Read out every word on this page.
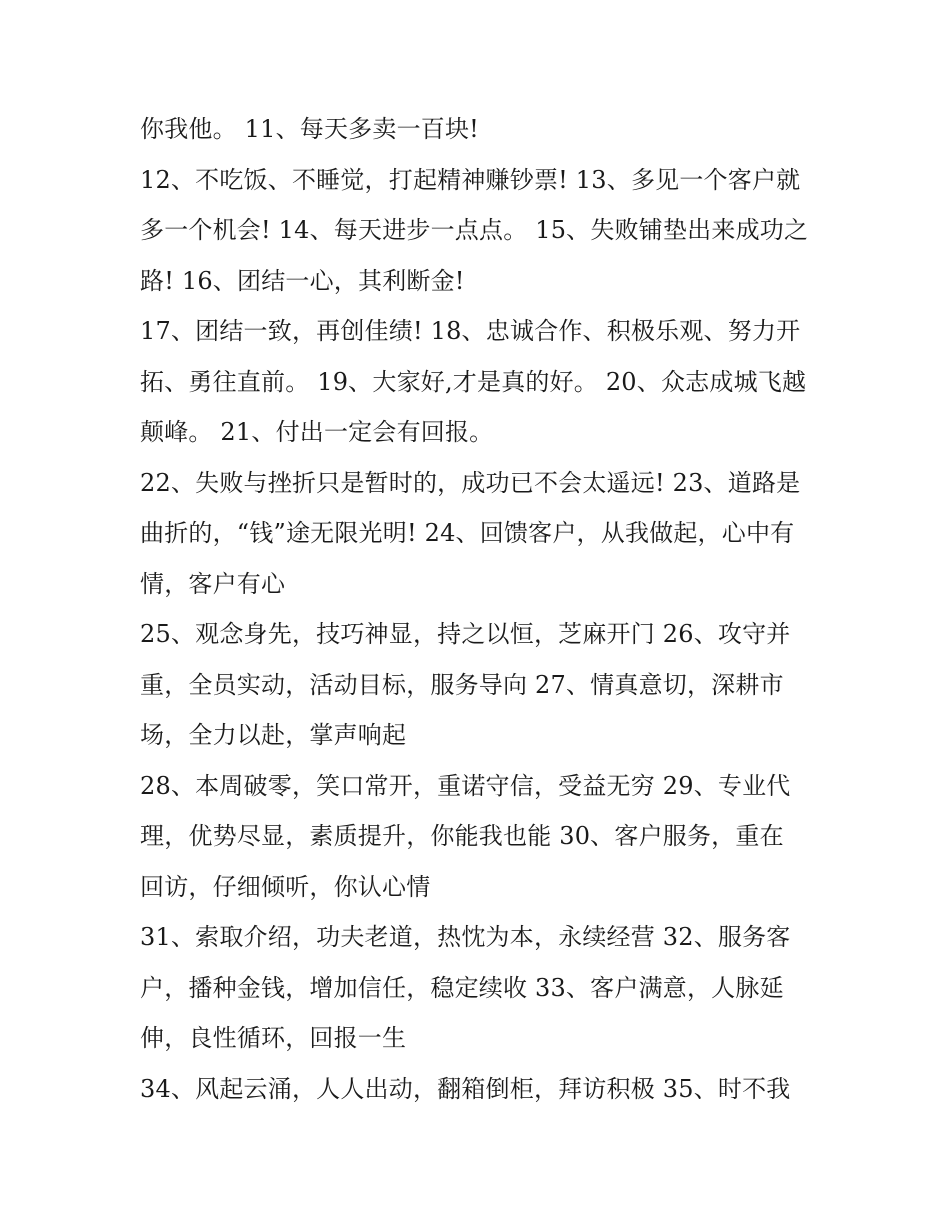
你我他。 11、每天多卖一百块!
12、不吃饭、不睡觉，打起精神赚钞票! 13、多见一个客户就
多一个机会! 14、每天进步一点点。 15、失败铺垫出来成功之
路! 16、团结一心，其利断金!
17、团结一致，再创佳绩! 18、忠诚合作、积极乐观、努力开
拓、勇往直前。 19、大家好,才是真的好。 20、众志成城飞越
颠峰。 21、付出一定会有回报。
22、失败与挫折只是暂时的，成功已不会太遥远! 23、道路是
曲折的，“钱”途无限光明! 24、回馈客户，从我做起，心中有
情，客户有心
25、观念身先，技巧神显，持之以恒，芝麻开门 26、攻守并
重，全员实动，活动目标，服务导向 27、情真意切，深耕市
场，全力以赴，掌声响起
28、本周破零，笑口常开，重诺守信，受益无穷 29、专业代
理，优势尽显，素质提升，你能我也能 30、客户服务，重在
回访，仔细倾听，你认心情
31、索取介绍，功夫老道，热忱为本，永续经营 32、服务客
户，播种金钱，增加信任，稳定续收 33、客户满意，人脉延
伸，良性循环，回报一生
34、风起云涌，人人出动，翻箱倒柜，拜访积极 35、时不我
